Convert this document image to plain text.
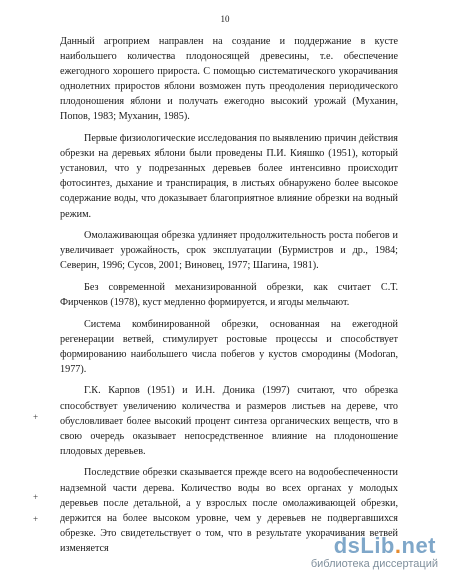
10

Данный агроприем направлен на создание и поддержание в кусте наибольшего количества плодоносящей древесины, т.е. обеспечение ежегодного хорошего прироста. С помощью систематического укорачивания однолетних приростов яблони возможен путь преодоления периодического плодоношения яблони и получать ежегодно высокий урожай (Муханин, Попов, 1983; Муханин, 1985).

Первые физиологические исследования по выявлению причин действия обрезки на деревьях яблони были проведены П.И. Кияшко (1951), который установил, что у подрезанных деревьев более интенсивно происходит фотосинтез, дыхание и транспирация, в листьях обнаружено более высокое содержание воды, что доказывает благоприятное влияние обрезки на водный режим.

Омолаживающая обрезка удлиняет продолжительность роста побегов и увеличивает урожайность, срок эксплуатации (Бурмистров и др., 1984; Северин, 1996; Сусов, 2001; Виновец, 1977; Шагина, 1981).

Без современной механизированной обрезки, как считает С.Т. Фирченков (1978), куст медленно формируется, и ягоды мельчают.

Система комбинированной обрезки, основанная на ежегодной регенерации ветвей, стимулирует ростовые процессы и способствует формированию наибольшего числа побегов у кустов смородины (Modoran, 1977).

Г.К. Карпов (1951) и И.Н. Доника (1997) считают, что обрезка способствует увеличению количества и размеров листьев на дереве, что обусловливает более высокий процент синтеза органических веществ, что в свою очередь оказывает непосредственное влияние на плодоношение плодовых деревьев.

Последствие обрезки сказывается прежде всего на водообеспеченности надземной части дерева. Количество воды во всех органах у молодых деревьев после детальной, а у взрослых после омолаживающей обрезки, держится на более высоком уровне, чем у деревьев не подвергавшихся обрезке. Это свидетельствует о том, что в результате укорачивания ветвей изменяется

+
+
+
dsLib.net
библиотека диссертаций
